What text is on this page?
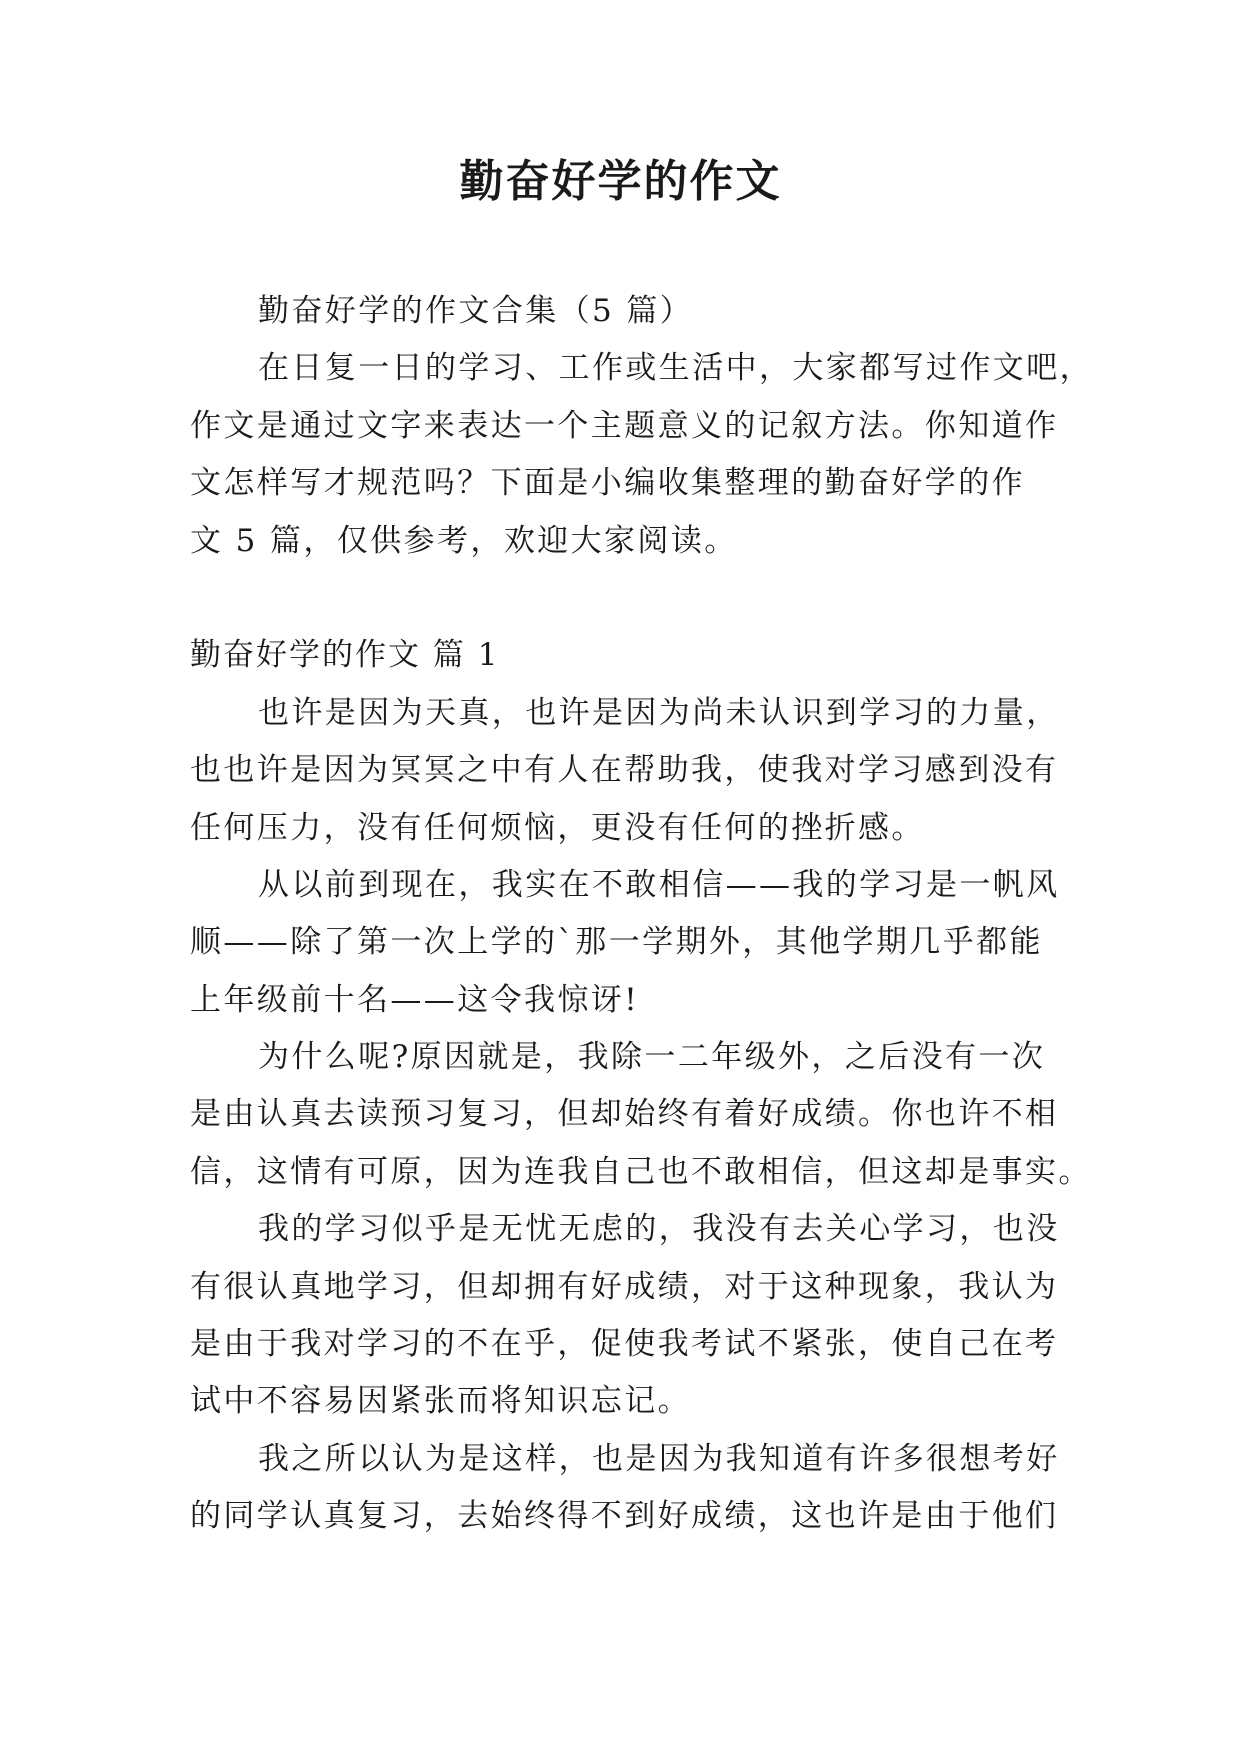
勤奋好学的作文
勤奋好学的作文合集（5 篇）
在日复一日的学习、工作或生活中，大家都写过作文吧，
作文是通过文字来表达一个主题意义的记叙方法。你知道作
文怎样写才规范吗？下面是小编收集整理的勤奋好学的作
文 5 篇，仅供参考，欢迎大家阅读。
勤奋好学的作文 篇 1
也许是因为天真，也许是因为尚未认识到学习的力量，
也也许是因为冥冥之中有人在帮助我，使我对学习感到没有
任何压力，没有任何烦恼，更没有任何的挫折感。
从以前到现在，我实在不敢相信——我的学习是一帆风
顺——除了第一次上学的`那一学期外，其他学期几乎都能
上年级前十名——这令我惊讶!
为什么呢?原因就是，我除一二年级外，之后没有一次
是由认真去读预习复习，但却始终有着好成绩。你也许不相
信，这情有可原，因为连我自己也不敢相信，但这却是事实。
我的学习似乎是无忧无虑的，我没有去关心学习，也没
有很认真地学习，但却拥有好成绩，对于这种现象，我认为
是由于我对学习的不在乎，促使我考试不紧张，使自己在考
试中不容易因紧张而将知识忘记。
我之所以认为是这样，也是因为我知道有许多很想考好
的同学认真复习，去始终得不到好成绩，这也许是由于他们
